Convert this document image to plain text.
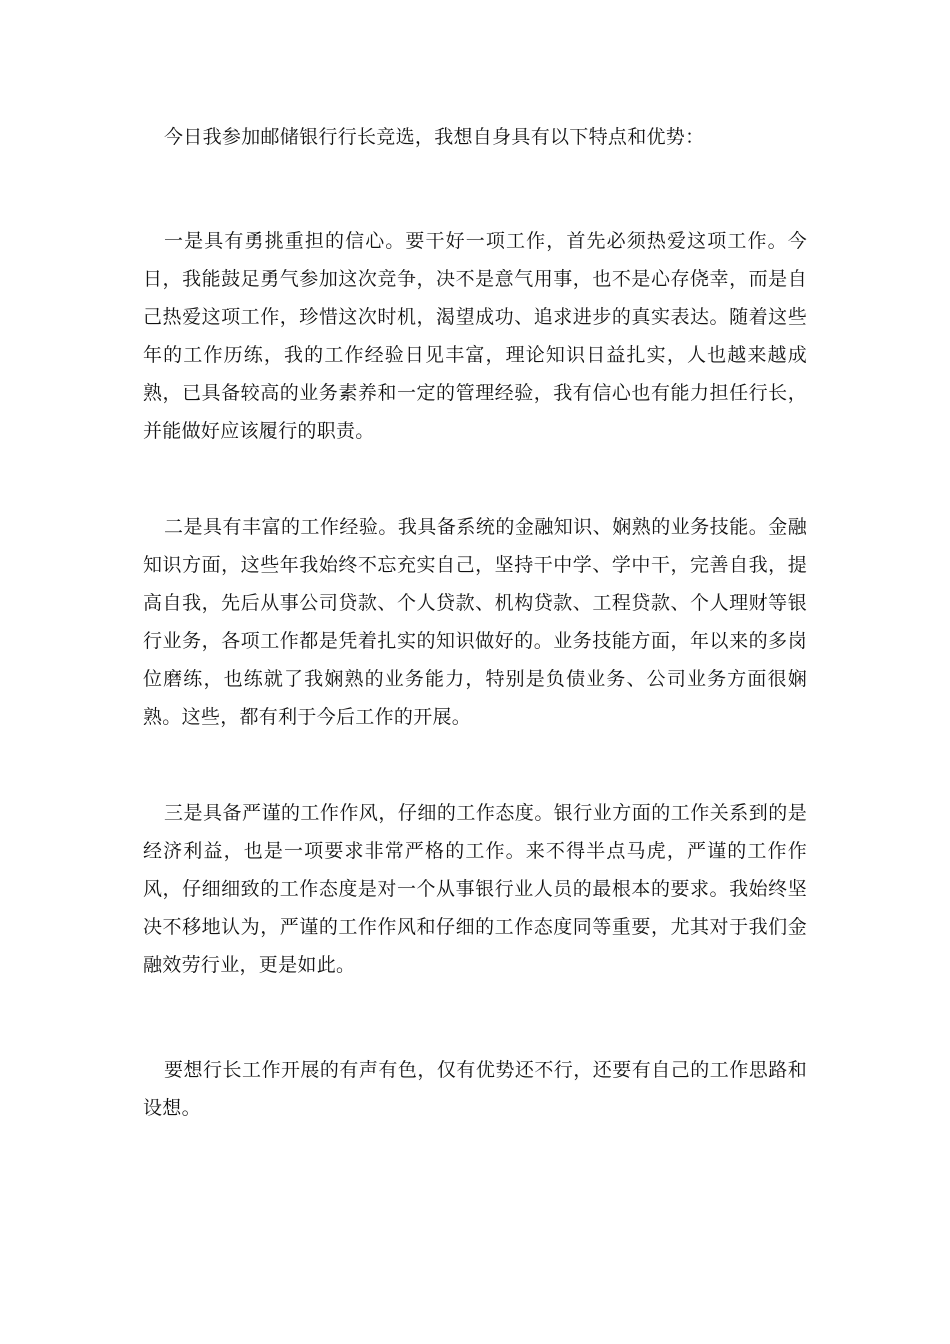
今日我参加邮储银行行长竞选，我想自身具有以下特点和优势：

一是具有勇挑重担的信心。要干好一项工作，首先必须热爱这项工作。今日，我能鼓足勇气参加这次竞争，决不是意气用事，也不是心存侥幸，而是自己热爱这项工作，珍惜这次时机，渴望成功、追求进步的真实表达。随着这些年的工作历练，我的工作经验日见丰富，理论知识日益扎实，人也越来越成熟，已具备较高的业务素养和一定的管理经验，我有信心也有能力担任行长，并能做好应该履行的职责。

二是具有丰富的工作经验。我具备系统的金融知识、娴熟的业务技能。金融知识方面，这些年我始终不忘充实自己，坚持干中学、学中干，完善自我，提高自我，先后从事公司贷款、个人贷款、机构贷款、工程贷款、个人理财等银行业务，各项工作都是凭着扎实的知识做好的。业务技能方面，年以来的多岗位磨练，也练就了我娴熟的业务能力，特别是负债业务、公司业务方面很娴熟。这些，都有利于今后工作的开展。

三是具备严谨的工作作风，仔细的工作态度。银行业方面的工作关系到的是经济利益，也是一项要求非常严格的工作。来不得半点马虎，严谨的工作作风，仔细细致的工作态度是对一个从事银行业人员的最根本的要求。我始终坚决不移地认为，严谨的工作作风和仔细的工作态度同等重要，尤其对于我们金融效劳行业，更是如此。

要想行长工作开展的有声有色，仅有优势还不行，还要有自己的工作思路和设想。
